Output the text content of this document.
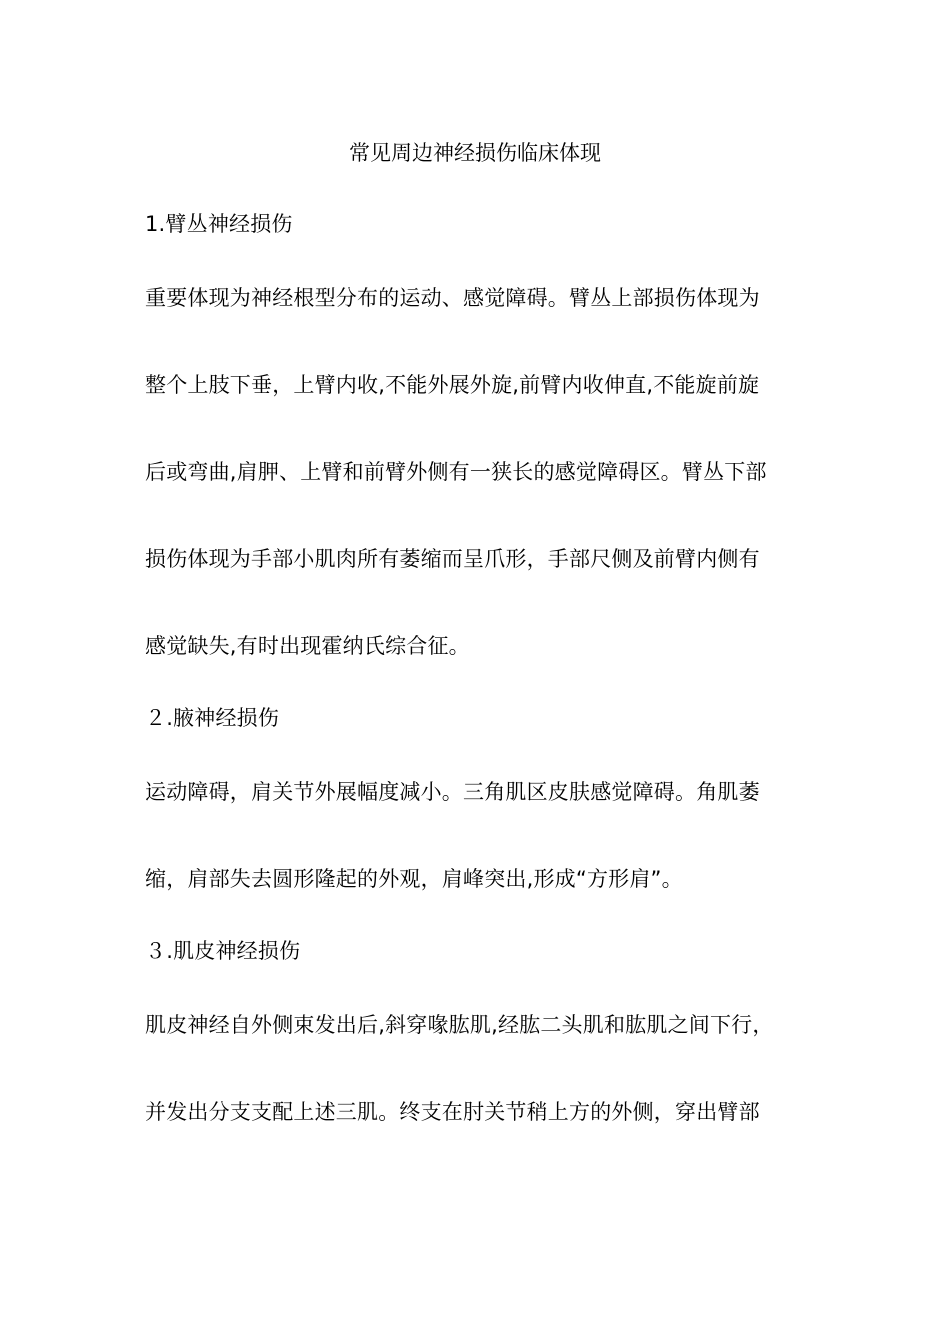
常见周边神经损伤临床体现
1.臂丛神经损伤
重要体现为神经根型分布的运动、感觉障碍。臂丛上部损伤体现为
整个上肢下垂，上臂内收,不能外展外旋,前臂内收伸直,不能旋前旋
后或弯曲,肩胛、上臂和前臂外侧有一狭长的感觉障碍区。臂丛下部
损伤体现为手部小肌肉所有萎缩而呈爪形，手部尺侧及前臂内侧有
感觉缺失,有时出现霍纳氏综合征。
２.腋神经损伤
运动障碍，肩关节外展幅度减小。三角肌区皮肤感觉障碍。角肌萎
缩，肩部失去圆形隆起的外观，肩峰突出,形成“方形肩”。
３.肌皮神经损伤
肌皮神经自外侧束发出后,斜穿喙肱肌,经肱二头肌和肱肌之间下行，
并发出分支支配上述三肌。终支在肘关节稍上方的外侧，穿出臂部
